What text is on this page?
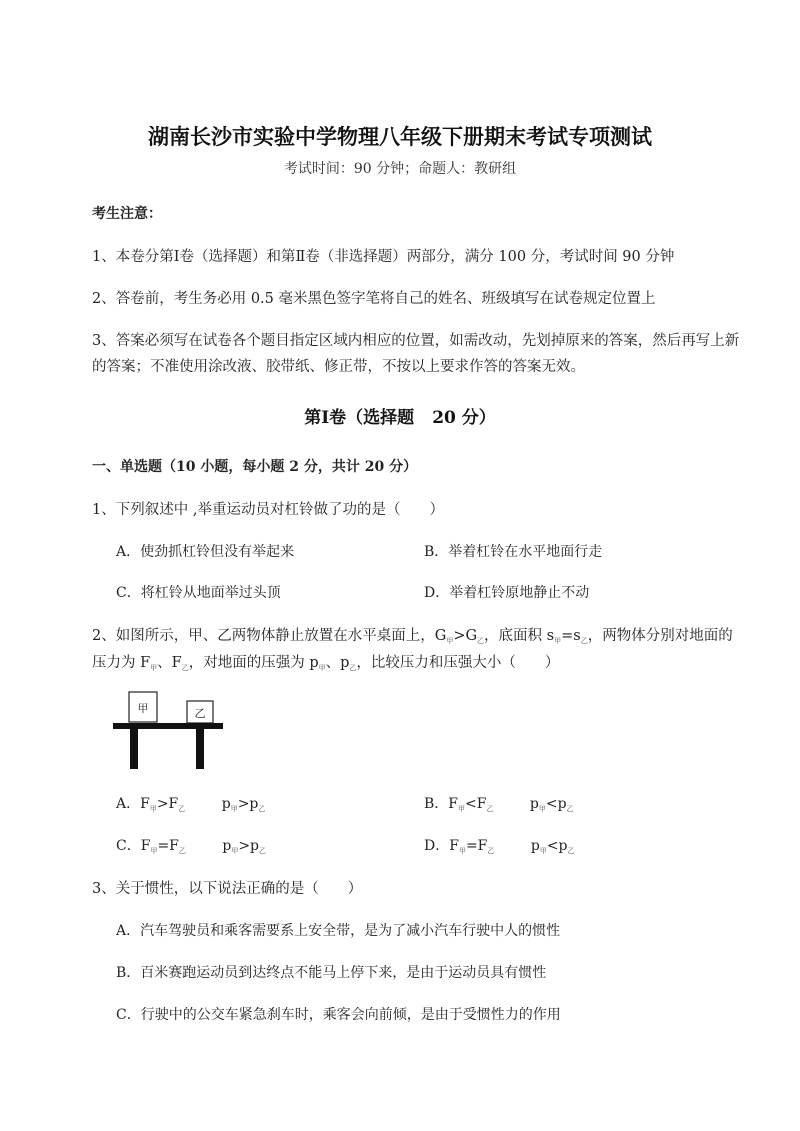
湖南长沙市实验中学物理八年级下册期末考试专项测试
考试时间：90 分钟；命题人：教研组
考生注意：
1、本卷分第Ⅰ卷（选择题）和第Ⅱ卷（非选择题）两部分，满分 100 分，考试时间 90 分钟
2、答卷前，考生务必用 0.5 毫米黑色签字笔将自己的姓名、班级填写在试卷规定位置上
3、答案必须写在试卷各个题目指定区域内相应的位置，如需改动，先划掉原来的答案，然后再写上新
的答案；不准使用涂改液、胶带纸、修正带，不按以上要求作答的答案无效。
第Ⅰ卷（选择题 20 分）
一、单选题（10 小题，每小题 2 分，共计 20 分）
1、下列叙述中 ,举重运动员对杠铃做了功的是（　　）
A．使劲抓杠铃但没有举起来	B．举着杠铃在水平地面行走
C．将杠铃从地面举过头顶	D．举着杠铃原地静止不动
2、如图所示，甲、乙两物体静止放置在水平桌面上，$G_甲>G_乙$，底面积 $s_甲=s_乙$，两物体分别对地面的
压力为 $F_甲$、$F_乙$，对地面的压强为 $p_甲$、$p_乙$，比较压力和压强大小（　　）
甲	乙
A．$F_甲>F_乙$	$p_甲>p_乙$	B．$F_甲<F_乙$	$p_甲<p_乙$
C．$F_甲=F_乙$	$p_甲>p_乙$	D．$F_甲=F_乙$	$p_甲<p_乙$
3、关于惯性，以下说法正确的是（　　）
A．汽车驾驶员和乘客需要系上安全带，是为了减小汽车行驶中人的惯性
B．百米赛跑运动员到达终点不能马上停下来，是由于运动员具有惯性
C．行驶中的公交车紧急刹车时，乘客会向前倾，是由于受惯性力的作用
